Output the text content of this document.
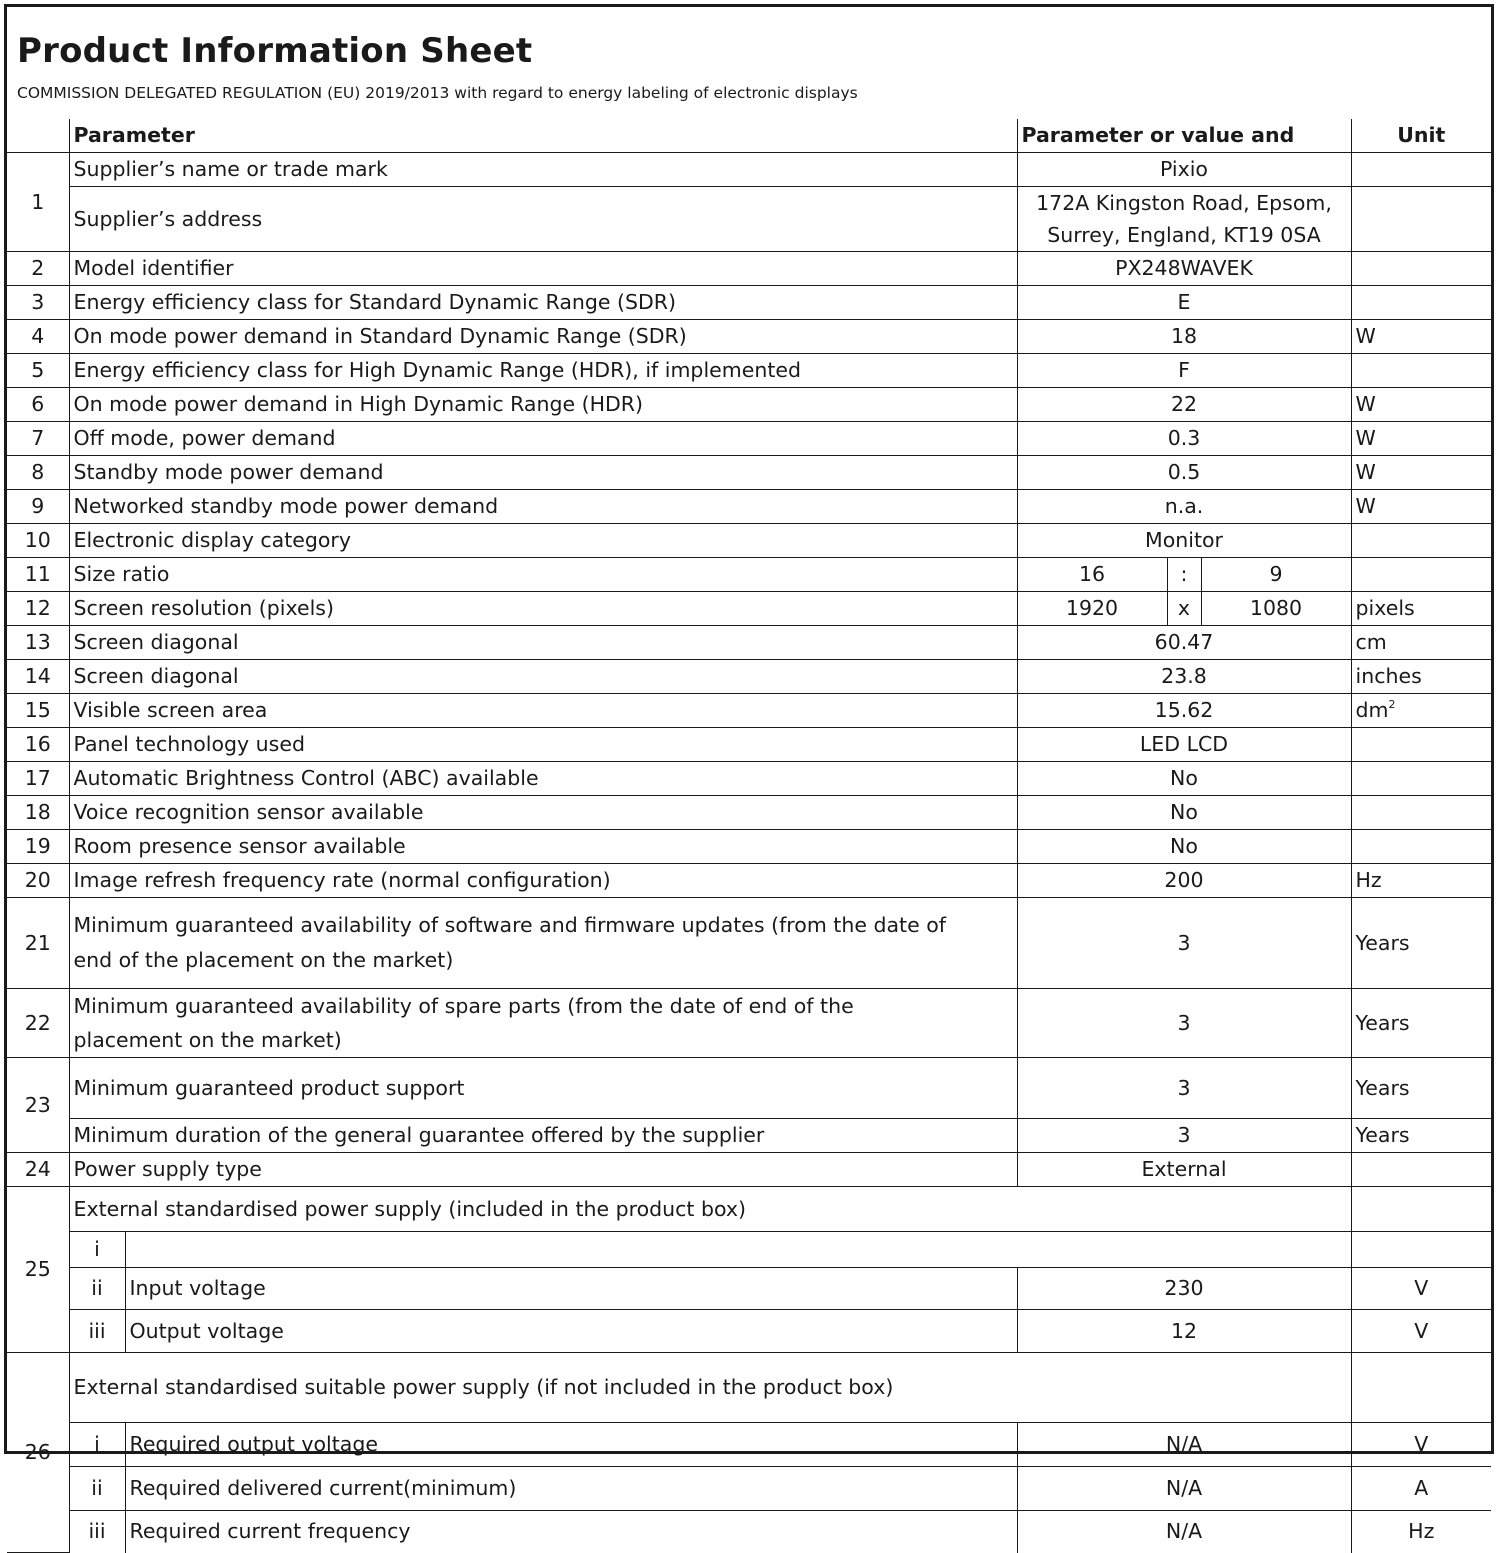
Product Information Sheet
COMMISSION DELEGATED REGULATION (EU) 2019/2013 with regard to energy labeling of electronic displays
	Parameter		Parameter or value and			Unit
1	Supplier’s name or trade mark		Pixio			
	Supplier’s address		172A Kingston Road, Epsom,
Surrey, England, KT19 0SA			

2	Model identifier		PX248WAVEK			
3	Energy efficiency class for Standard Dynamic Range (SDR)		E			
4	On mode power demand in Standard Dynamic Range (SDR)		18			W
5	Energy efficiency class for High Dynamic Range (HDR), if implemented		F			
6	On mode power demand in High Dynamic Range (HDR)		22			W
7	Off mode, power demand		0.3			W
8	Standby mode power demand		0.5			W
9	Networked standby mode power demand		n.a.			W
10	Electronic display category		Monitor			
11	Size ratio		16	:	9	
12	Screen resolution (pixels)		1920	x	1080	pixels
13	Screen diagonal		60.47			cm
14	Screen diagonal		23.8			inches
15	Visible screen area		15.62			$dm^2$
16	Panel technology used		LED LCD			
17	Automatic Brightness Control (ABC) available		No			
18	Voice recognition sensor available		No			
19	Room presence sensor available		No			
20	Image refresh frequency rate (normal configuration)		200			Hz
21	Minimum guaranteed availability of software and firmware updates (from the date of
end of the placement on the market)		3			Years
22	Minimum guaranteed availability of spare parts (from the date of end of the
placement on the market)		3			Years
23	Minimum guaranteed product support		3			Years
	Minimum duration of the general guarantee offered by the supplier		3			Years
24	Power supply type		External			
25	External standardised power supply (included in the product box)					
	i					
	ii	Input voltage	230			V
	iii	Output voltage	12			V
26	External standardised suitable power supply (if not included in the product box)					
	i	Required output voltage	N/A			V
	ii	Required delivered current(minimum)	N/A			A
	iii	Required current frequency	N/A			Hz
